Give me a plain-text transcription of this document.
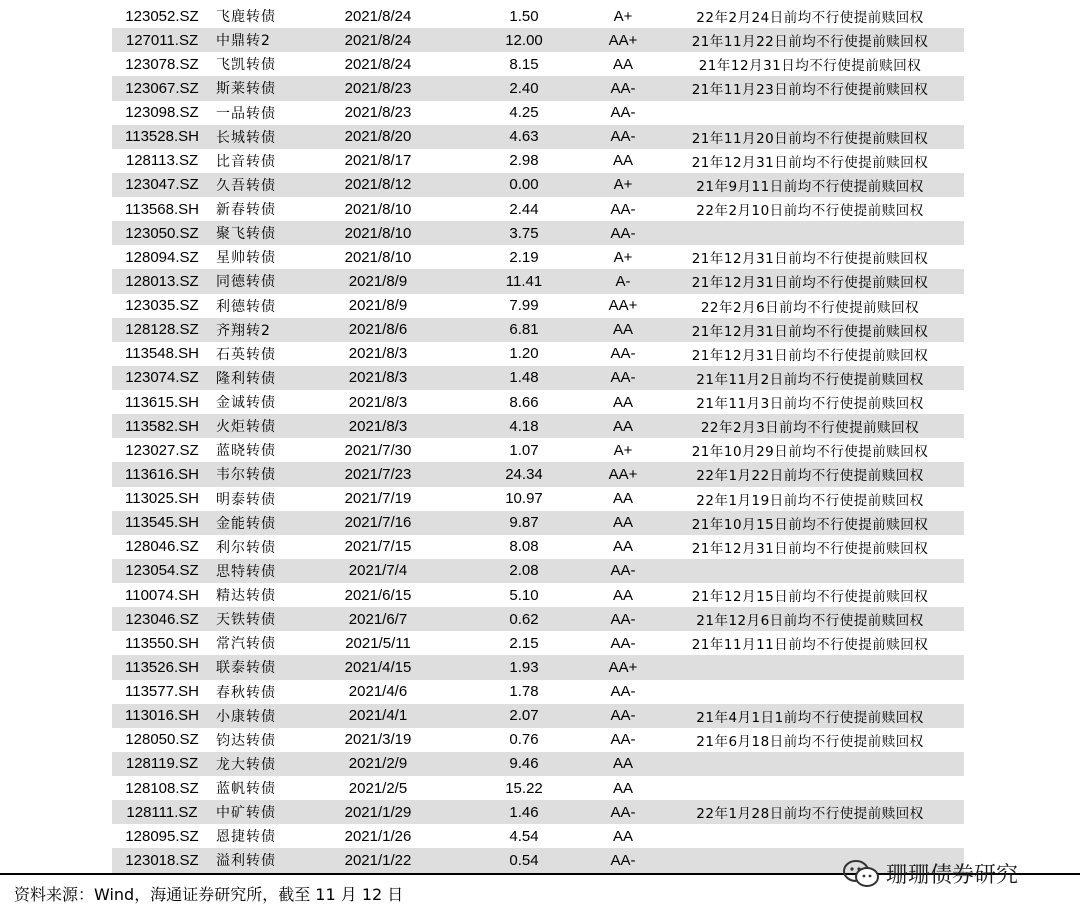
123052.SZ	飞鹿转债	2021/8/24	1.50	A+	22年2月24日前均不行使提前赎回权
127011.SZ	中鼎转2	2021/8/24	12.00	AA+	21年11月22日前均不行使提前赎回权
123078.SZ	飞凯转债	2021/8/24	8.15	AA	21年12月31日均不行使提前赎回权
123067.SZ	斯莱转债	2021/8/23	2.40	AA-	21年11月23日前均不行使提前赎回权
123098.SZ	一品转债	2021/8/23	4.25	AA-
113528.SH	长城转债	2021/8/20	4.63	AA-	21年11月20日前均不行使提前赎回权
128113.SZ	比音转债	2021/8/17	2.98	AA	21年12月31日前均不行使提前赎回权
123047.SZ	久吾转债	2021/8/12	0.00	A+	21年9月11日前均不行使提前赎回权
113568.SH	新春转债	2021/8/10	2.44	AA-	22年2月10日前均不行使提前赎回权
123050.SZ	聚飞转债	2021/8/10	3.75	AA-
128094.SZ	星帅转债	2021/8/10	2.19	A+	21年12月31日前均不行使提前赎回权
128013.SZ	同德转债	2021/8/9	11.41	A-	21年12月31日前均不行使提前赎回权
123035.SZ	利德转债	2021/8/9	7.99	AA+	22年2月6日前均不行使提前赎回权
128128.SZ	齐翔转2	2021/8/6	6.81	AA	21年12月31日前均不行使提前赎回权
113548.SH	石英转债	2021/8/3	1.20	AA-	21年12月31日前均不行使提前赎回权
123074.SZ	隆利转债	2021/8/3	1.48	AA-	21年11月2日前均不行使提前赎回权
113615.SH	金诚转债	2021/8/3	8.66	AA	21年11月3日前均不行使提前赎回权
113582.SH	火炬转债	2021/8/3	4.18	AA	22年2月3日前均不行使提前赎回权
123027.SZ	蓝晓转债	2021/7/30	1.07	A+	21年10月29日前均不行使提前赎回权
113616.SH	韦尔转债	2021/7/23	24.34	AA+	22年1月22日前均不行使提前赎回权
113025.SH	明泰转债	2021/7/19	10.97	AA	22年1月19日前均不行使提前赎回权
113545.SH	金能转债	2021/7/16	9.87	AA	21年10月15日前均不行使提前赎回权
128046.SZ	利尔转债	2021/7/15	8.08	AA	21年12月31日前均不行使提前赎回权
123054.SZ	思特转债	2021/7/4	2.08	AA-
110074.SH	精达转债	2021/6/15	5.10	AA	21年12月15日前均不行使提前赎回权
123046.SZ	天铁转债	2021/6/7	0.62	AA-	21年12月6日前均不行使提前赎回权
113550.SH	常汽转债	2021/5/11	2.15	AA-	21年11月11日前均不行使提前赎回权
113526.SH	联泰转债	2021/4/15	1.93	AA+
113577.SH	春秋转债	2021/4/6	1.78	AA-
113016.SH	小康转债	2021/4/1	2.07	AA-	21年4月1日1前均不行使提前赎回权
128050.SZ	钧达转债	2021/3/19	0.76	AA-	21年6月18日前均不行使提前赎回权
128119.SZ	龙大转债	2021/2/9	9.46	AA
128108.SZ	蓝帆转债	2021/2/5	15.22	AA
128111.SZ	中矿转债	2021/1/29	1.46	AA-	22年1月28日前均不行使提前赎回权
128095.SZ	恩捷转债	2021/1/26	4.54	AA
123018.SZ	溢利转债	2021/1/22	0.54	AA-
资料来源：Wind，海通证券研究所，截至 11 月 12 日
珊珊债券研究
